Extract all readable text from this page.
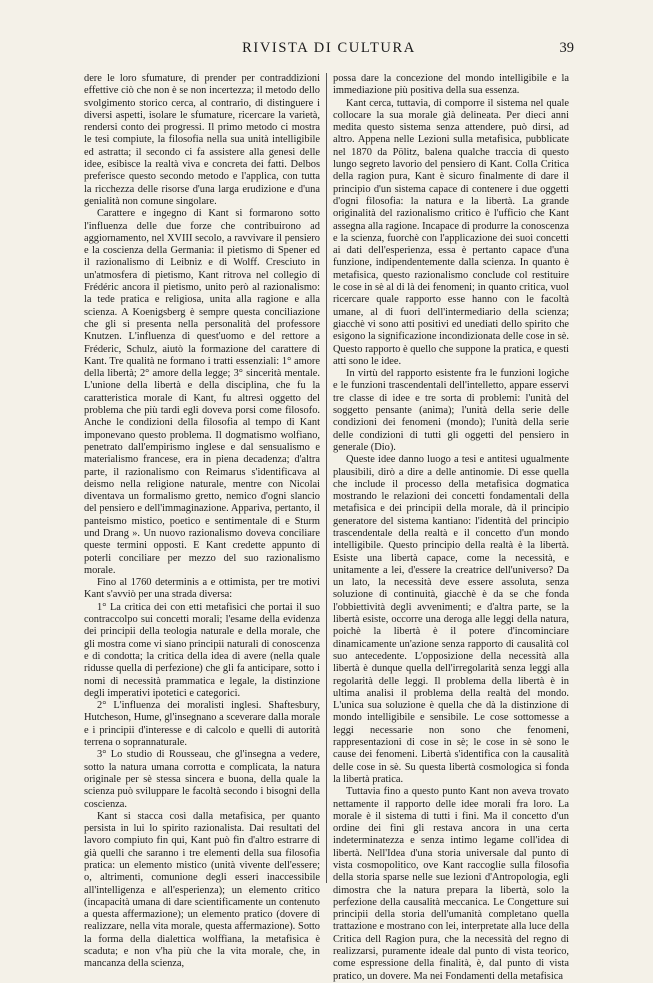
RIVISTA DI CULTURA	39

dere le loro sfumature, di prender per contraddizioni effettive ciò che non è se non incertezza; il metodo dello svolgimento storico cerca, al contrario, di distinguere i diversi aspetti, isolare le sfumature, ricercare la varietà, rendersi conto dei progressi. Il primo metodo ci mostra le tesi compiute, la filosofia nella sua unità intelligibile ed astratta; il secondo ci fa assistere alla genesi delle idee, esibisce la realtà viva e concreta dei fatti. Delbos preferisce questo secondo metodo e l'applica, con tutta la ricchezza delle risorse d'una larga erudizione e d'una genialità non comune singolare.

Carattere e ingegno di Kant si formarono sotto l'influenza delle due forze che contribuirono ad aggiornamento, nel XVIII secolo, a ravvivare il pensiero e la coscienza della Germania: il pietismo di Spener ed il razionalismo di Leibniz e di Wolff. Cresciuto in un'atmosfera di pietismo, Kant ritrova nel collegio di Frédéric ancora il pietismo, unito però al razionalismo: la tede pratica e religiosa, unita alla ragione e alla scienza. A Koenigsberg è sempre questa conciliazione che gli si presenta nella personalità del professore Knutzen. L'influenza di quest'uomo e del rettore a Fréderic, Schulz, aiutò la formazione del carattere di Kant. Tre qualità ne formano i tratti essenziali: 1° amore della libertà; 2° amore della legge; 3° sincerità mentale. L'unione della libertà e della disciplina, che fu la caratteristica morale di Kant, fu altresì oggetto del problema che più tardi egli doveva porsi come filosofo. Anche le condizioni della filosofia al tempo di Kant imponevano questo problema. Il dogmatismo wolfiano, penetrato dall'empirismo inglese e dal sensualismo e materialismo francese, era in piena decadenza; d'altra parte, il razionalismo con Reimarus s'identificava al deismo nella religione naturale, mentre con Nicolai diventava un formalismo gretto, nemico d'ogni slancio del pensiero e dell'immaginazione. Appariva, pertanto, il panteismo mistico, poetico e sentimentale di e Sturm und Drang ». Un nuovo razionalismo doveva conciliare queste termini opposti. E Kant credette appunto di poterli conciliare per mezzo del suo razionalismo morale.

Fino al 1760 determinis a e ottimista, per tre motivi Kant s'avviò per una strada diversa:

1° La critica dei con etti metafisici che portai il suo contraccolpo sui concetti morali; l'esame della evidenza dei principii della teologia naturale e della morale, che gli mostra come vi siano principii naturali di conoscenza e di condotta; la critica della idea di avere (nella quale ridusse quella di perfezione) che gli fa anticipare, sotto i nomi di necessità prammatica e legale, la distinzione degli imperativi ipotetici e categorici.

2° L'influenza dei moralisti inglesi. Shaftesbury, Hutcheson, Hume, gl'insegnano a sceverare dalla morale e i principii d'interesse e di calcolo e quelli di autorità terrena o soprannaturale.

3° Lo studio di Rousseau, che gl'insegna a vedere, sotto la natura umana corrotta e complicata, la natura originale per sè stessa sincera e buona, della quale la scienza può sviluppare le facoltà secondo i bisogni della coscienza.

Kant si stacca così dalla metafisica, per quanto persista in lui lo spirito razionalista. Dai resultati del lavoro compiuto fin qui, Kant può fin d'altro estrarre di già quelli che saranno i tre elementi della sua filosofia pratica: un elemento mistico (unità vivente dell'essere; o, altrimenti, comunione degli esseri inaccessibile all'intelligenza e all'esperienza); un elemento critico (incapacità umana di dare scientificamente un contenuto a questa affermazione); un elemento pratico (dovere di realizzare, nella vita morale, questa affermazione). Sotto la forma della dialettica wolffiana, la metafisica è scaduta; e non v'ha più che la vita morale, che, in mancanza della scienza,

possa dare la concezione del mondo intelligibile e la immediazione più positiva della sua essenza.

Kant cerca, tuttavia, di comporre il sistema nel quale collocare la sua morale già delineata. Per dieci anni medita questo sistema senza attendere, può dirsi, ad altro. Appena nelle Lezioni sulla metafisica, pubblicate nel 1870 da Pölitz, balena qualche traccia di questo lungo segreto lavorio del pensiero di Kant. Colla Critica della ragion pura, Kant è sicuro finalmente di dare il principio d'un sistema capace di contenere i due oggetti d'ogni filosofia: la natura e la libertà. La grande originalità del razionalismo critico è l'ufficio che Kant assegna alla ragione. Incapace di produrre la conoscenza e la scienza, fuorchè con l'applicazione dei suoi concetti ai dati dell'esperienza, essa è pertanto capace d'una funzione, indipendentemente dalla scienza. In quanto è metafisica, questo razionalismo conclude col restituire le cose in sè al di là dei fenomeni; in quanto critica, vuol ricercare quale rapporto esse hanno con le facoltà umane, al di fuori dell'intermediario della scienza; giacchè vi sono atti positivi ed unediati dello spirito che esigono la significazione incondizionata delle cose in sè. Questo rapporto è quello che suppone la pratica, e questi atti sono le idee.

In virtù del rapporto esistente fra le funzioni logiche e le funzioni trascendentali dell'intelletto, appare esservi tre classe di idee e tre sorta di problemi: l'unità del soggetto pensante (anima); l'unità della serie delle condizioni dei fenomeni (mondo); l'unità della serie delle condizioni di tutti gli oggetti del pensiero in generale (Dio).

Queste idee danno luogo a tesi e antitesi ugualmente plausibili, dirò a dire a delle antinomie. Di esse quella che include il processo della metafisica dogmatica mostrando le relazioni dei concetti fondamentali della metafisica e dei principii della morale, dà il principio generatore del sistema kantiano: l'identità del principio trascendentale della realtà e il concetto d'un mondo intelligibile. Questo principio della realtà è la libertà. Esiste una libertà capace, come la necessità, e unitamente a lei, d'essere la creatrice dell'universo? Da un lato, la necessità deve essere assoluta, senza soluzione di continuità, giacchè è da se che fonda l'obbiettività degli avvenimenti; e d'altra parte, se la libertà esiste, occorre una deroga alle leggi della natura, poichè la libertà è il potere d'incominciare dinamicamente un'azione senza rapporto di causalità col suo antecedente. L'opposizione della necessità alla libertà è dunque quella dell'irregolarità senza leggi alla regolarità delle leggi. Il problema della libertà è in ultima analisi il problema della realtà del mondo. L'unica sua soluzione è quella che dà la distinzione di mondo intelligibile e sensibile. Le cose sottomesse a leggi necessarie non sono che fenomeni, rappresentazioni di cose in sè; le cose in sè sono le cause dei fenomeni. Libertà s'identifica con la causalità delle cose in sè. Su questa libertà cosmologica si fonda la libertà pratica.

Tuttavia fino a questo punto Kant non aveva trovato nettamente il rapporto delle idee morali fra loro. La morale è il sistema di tutti i fini. Ma il concetto d'un ordine dei fini gli restava ancora in una certa indeterminatezza e senza intimo legame coll'idea di libertà. Nell'Idea d'una storia universale dal punto di vista cosmopolitico, ove Kant raccoglie sulla filosofia della storia sparse nelle sue lezioni d'Antropologia, egli dimostra che la natura prepara la libertà, solo la perfezione della causalità meccanica. Le Congetture sui principii della storia dell'umanità completano quella trattazione e mostrano con lei, interpretate alla luce della Critica dell Ragion pura, che la necessità del regno di realizzarsi, puramente ideale dal punto di vista teorico, come espressione della finalità, è, dal punto di vista pratico, un dovere. Ma nei Fondamenti della metafisica
